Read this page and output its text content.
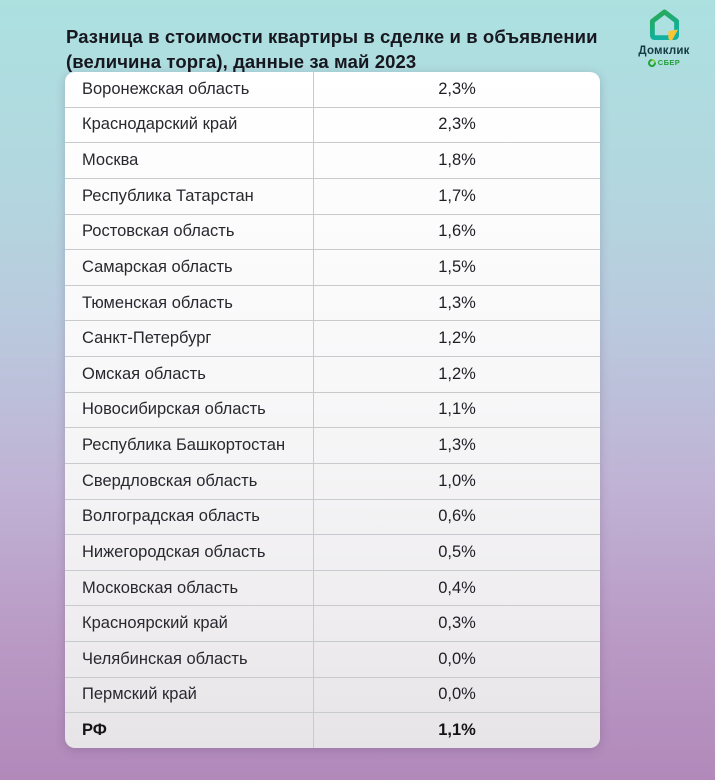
Разница в стоимости квартиры в сделке и в объявлении
(величина торга), данные за май 2023
Домклик
СБЕР
Воронежская область	2,3%
Краснодарский край	2,3%
Москва	1,8%
Республика Татарстан	1,7%
Ростовская область	1,6%
Самарская область	1,5%
Тюменская область	1,3%
Санкт-Петербург	1,2%
Омская область	1,2%
Новосибирская область	1,1%
Республика Башкортостан	1,3%
Свердловская область	1,0%
Волгоградская область	0,6%
Нижегородская область	0,5%
Московская область	0,4%
Красноярский край	0,3%
Челябинская область	0,0%
Пермский край	0,0%
РФ	1,1%
